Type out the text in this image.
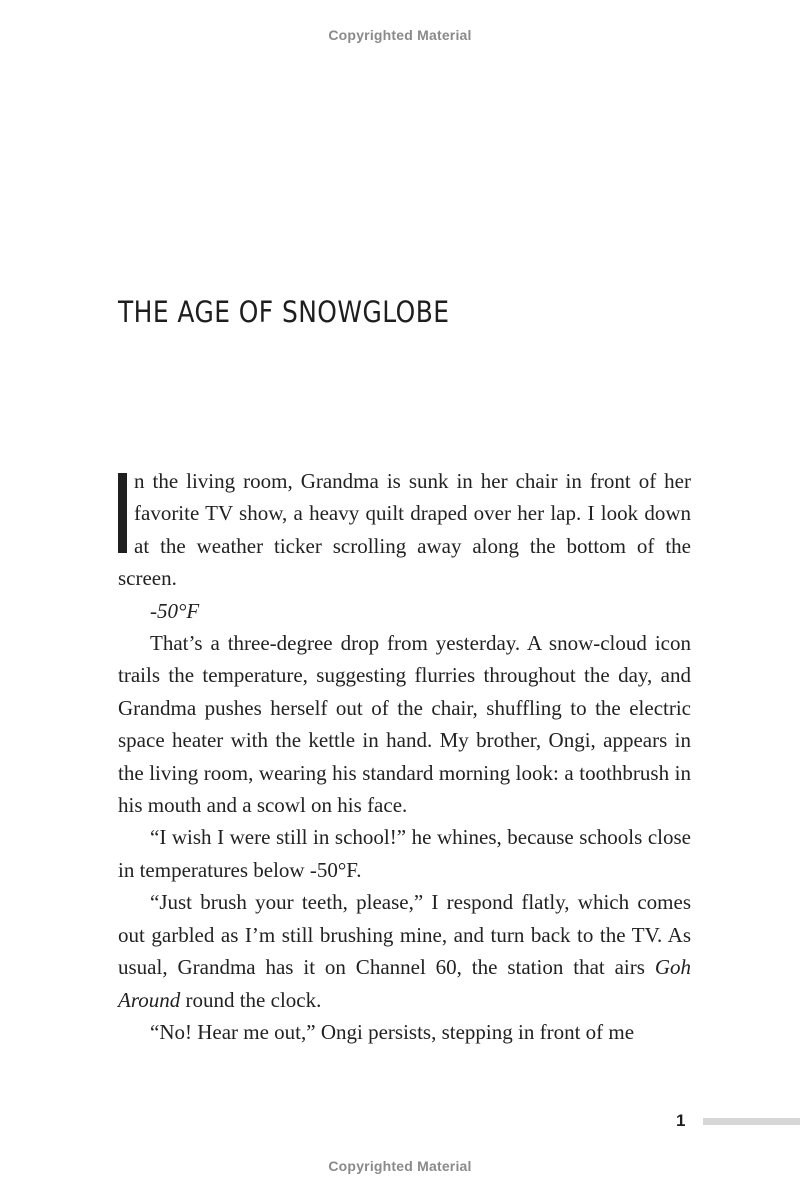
Copyrighted Material
THE AGE OF SNOWGLOBE

n the living room, Grandma is sunk in her chair in front of her favorite TV show, a heavy quilt draped over her lap. I look down at the weather ticker scrolling away along the bottom of the screen.

-50°F

That’s a three-degree drop from yesterday. A snow-cloud icon trails the temperature, suggesting flurries throughout the day, and Grandma pushes herself out of the chair, shuffling to the electric space heater with the kettle in hand. My brother, Ongi, appears in the living room, wearing his standard morning look: a toothbrush in his mouth and a scowl on his face.

“I wish I were still in school!” he whines, because schools close in temperatures below -50°F.

“Just brush your teeth, please,” I respond flatly, which comes out garbled as I’m still brushing mine, and turn back to the TV. As usual, Grandma has it on Channel 60, the station that airs Goh Around round the clock.

“No! Hear me out,” Ongi persists, stepping in front of me

1
Copyrighted Material
